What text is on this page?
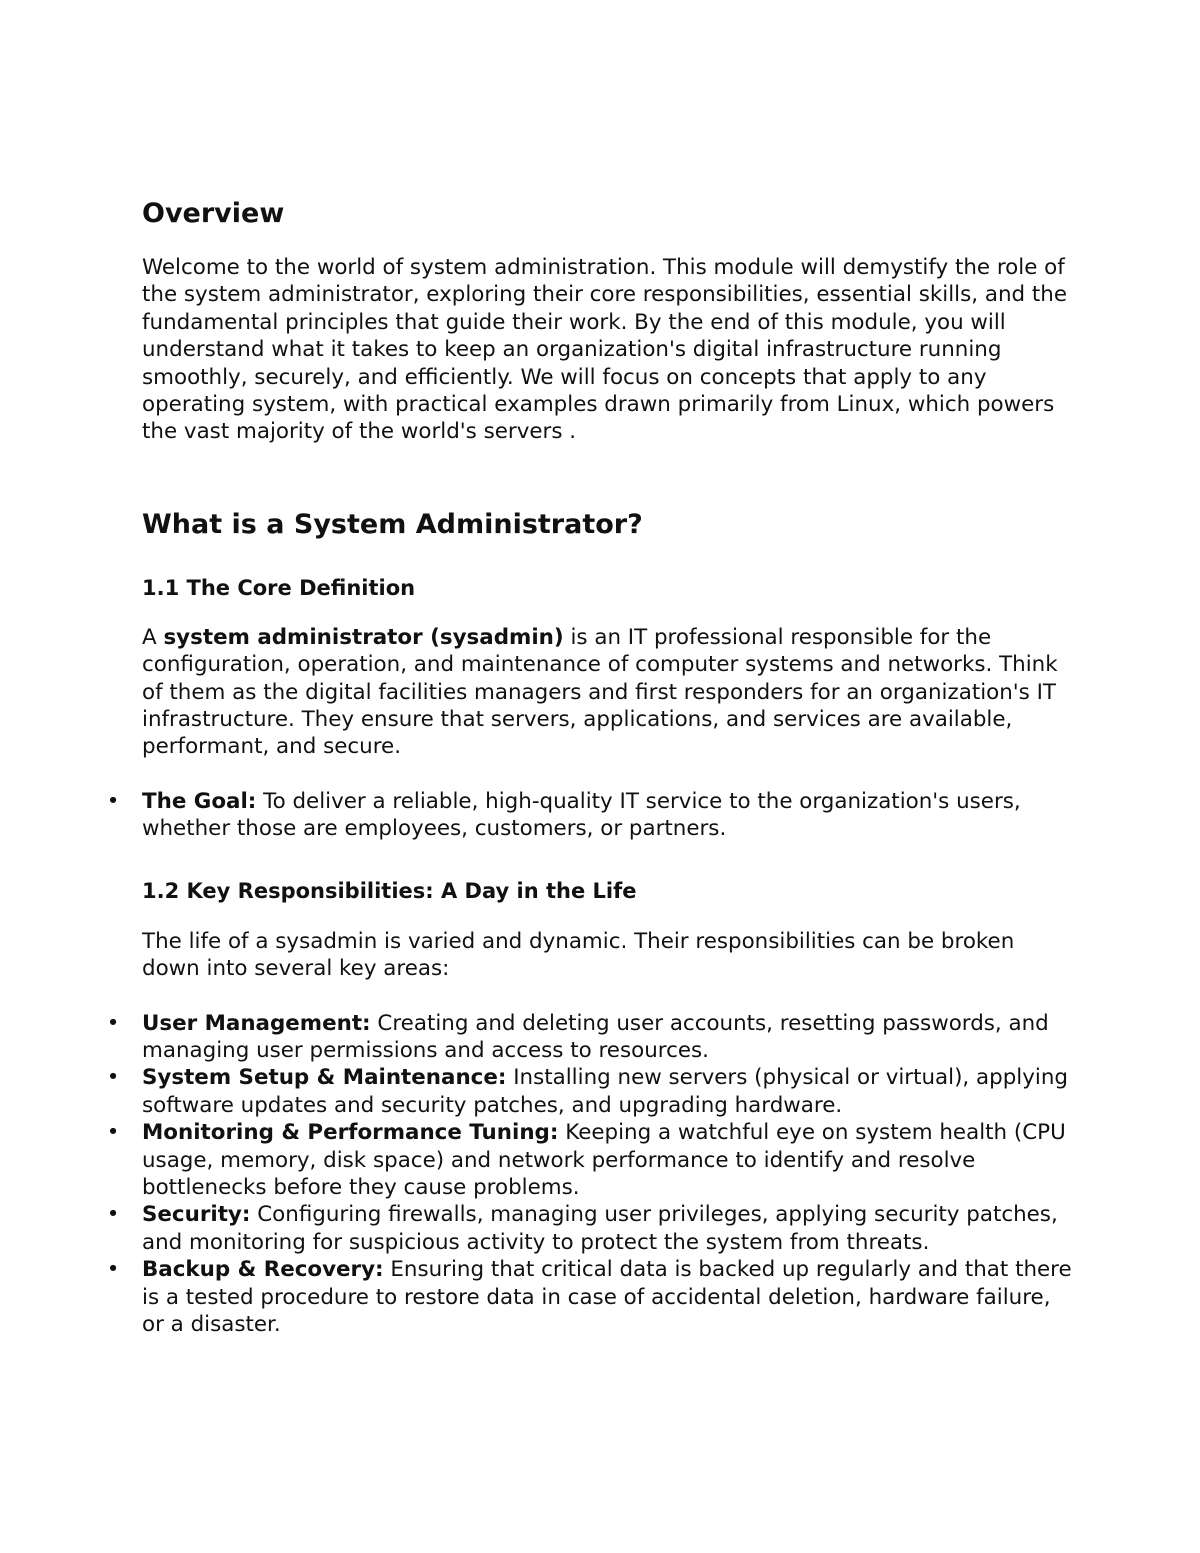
Overview

Welcome to the world of system administration. This module will demystify the role of the system administrator, exploring their core responsibilities, essential skills, and the fundamental principles that guide their work. By the end of this module, you will understand what it takes to keep an organization's digital infrastructure running smoothly, securely, and efficiently. We will focus on concepts that apply to any operating system, with practical examples drawn primarily from Linux, which powers the vast majority of the world's servers .

What is a System Administrator?
1.1 The Core Definition

A system administrator (sysadmin) is an IT professional responsible for the configuration, operation, and maintenance of computer systems and networks. Think of them as the digital facilities managers and first responders for an organization's IT infrastructure. They ensure that servers, applications, and services are available, performant, and secure.

• The Goal: To deliver a reliable, high-quality IT service to the organization's users, whether those are employees, customers, or partners.
1.2 Key Responsibilities: A Day in the Life

The life of a sysadmin is varied and dynamic. Their responsibilities can be broken down into several key areas:

• User Management: Creating and deleting user accounts, resetting passwords, and managing user permissions and access to resources.
• System Setup & Maintenance: Installing new servers (physical or virtual), applying software updates and security patches, and upgrading hardware.
• Monitoring & Performance Tuning: Keeping a watchful eye on system health (CPU usage, memory, disk space) and network performance to identify and resolve bottlenecks before they cause problems.
• Security: Configuring firewalls, managing user privileges, applying security patches, and monitoring for suspicious activity to protect the system from threats.
• Backup & Recovery: Ensuring that critical data is backed up regularly and that there is a tested procedure to restore data in case of accidental deletion, hardware failure, or a disaster.
